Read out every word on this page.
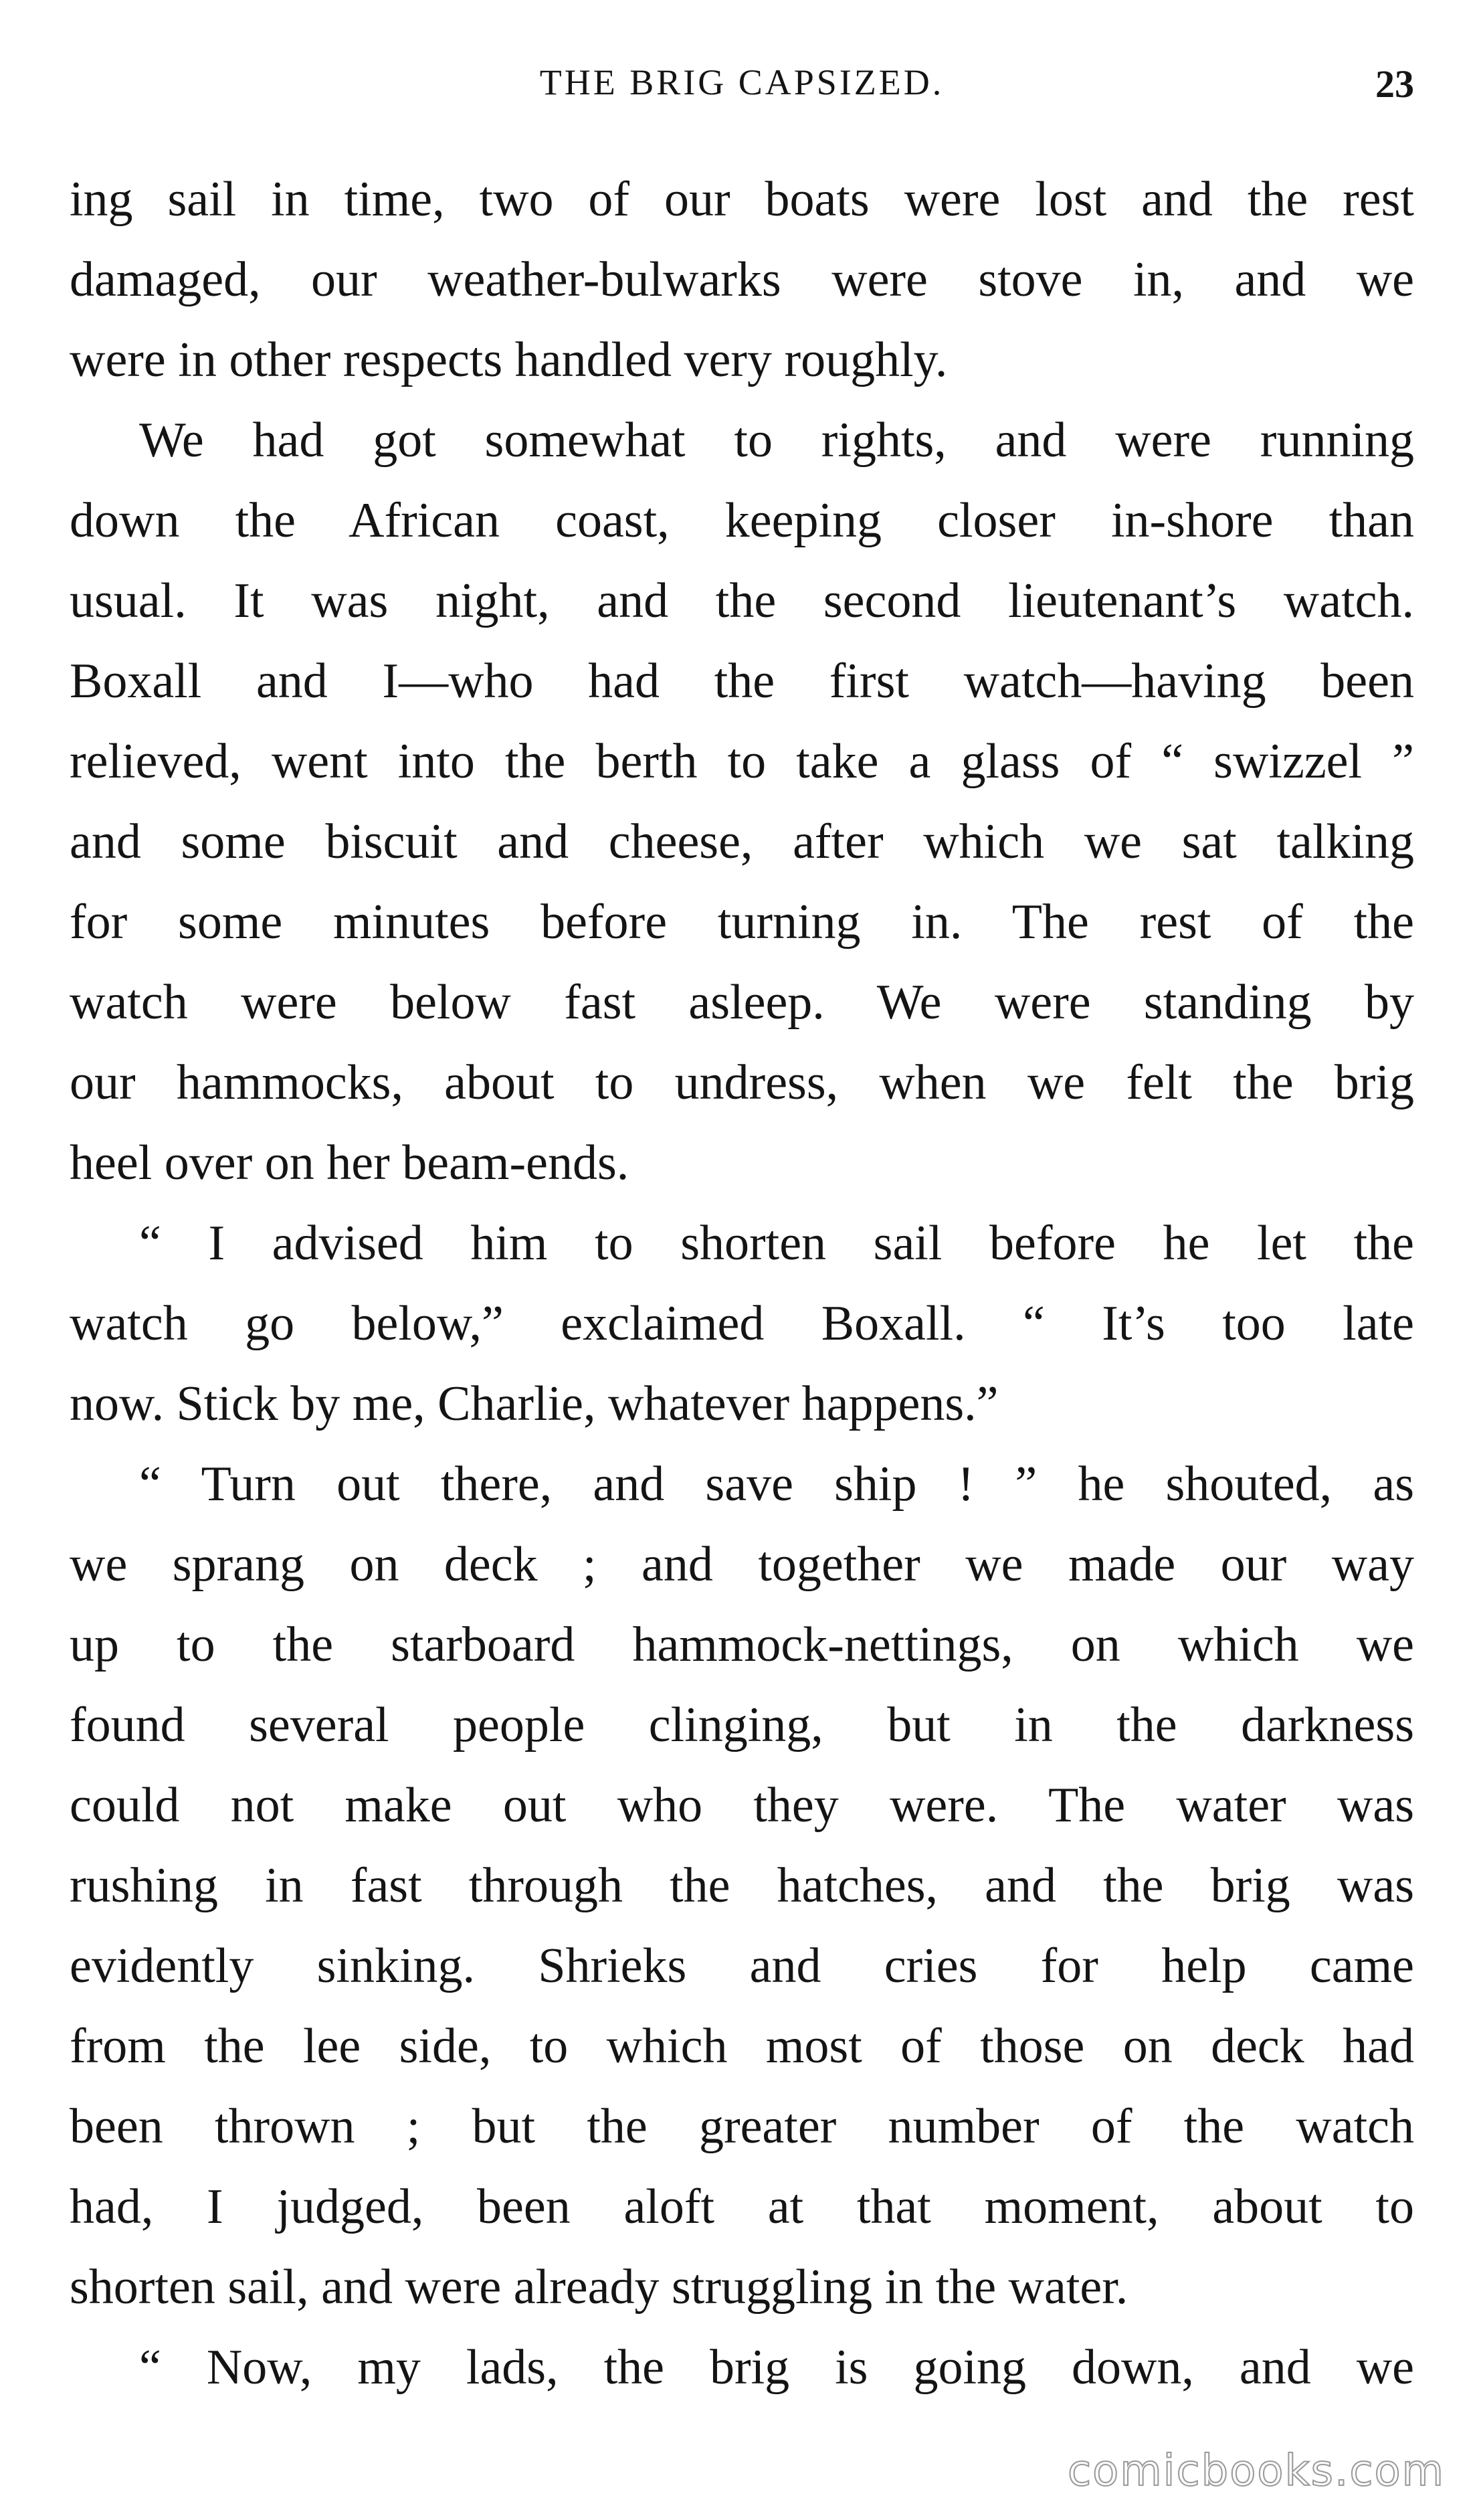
THE BRIG CAPSIZED.	23
ing sail in time, two of our boats were lost and the rest
damaged, our weather-bulwarks were stove in, and we
were in other respects handled very roughly.
We had got somewhat to rights, and were running
down the African coast, keeping closer in-shore than
usual. It was night, and the second lieutenant’s watch.
Boxall and I—who had the first watch—having been
relieved, went into the berth to take a glass of “ swizzel ”
and some biscuit and cheese, after which we sat talking
for some minutes before turning in. The rest of the
watch were below fast asleep. We were standing by
our hammocks, about to undress, when we felt the brig
heel over on her beam-ends.
“ I advised him to shorten sail before he let the
watch go below,” exclaimed Boxall. “ It’s too late
now. Stick by me, Charlie, whatever happens.”
“ Turn out there, and save ship ! ” he shouted, as
we sprang on deck ; and together we made our way
up to the starboard hammock-nettings, on which we
found several people clinging, but in the darkness
could not make out who they were. The water was
rushing in fast through the hatches, and the brig was
evidently sinking. Shrieks and cries for help came
from the lee side, to which most of those on deck had
been thrown ; but the greater number of the watch
had, I judged, been aloft at that moment, about to
shorten sail, and were already struggling in the water.
“ Now, my lads, the brig is going down, and we
comicbooks.com
